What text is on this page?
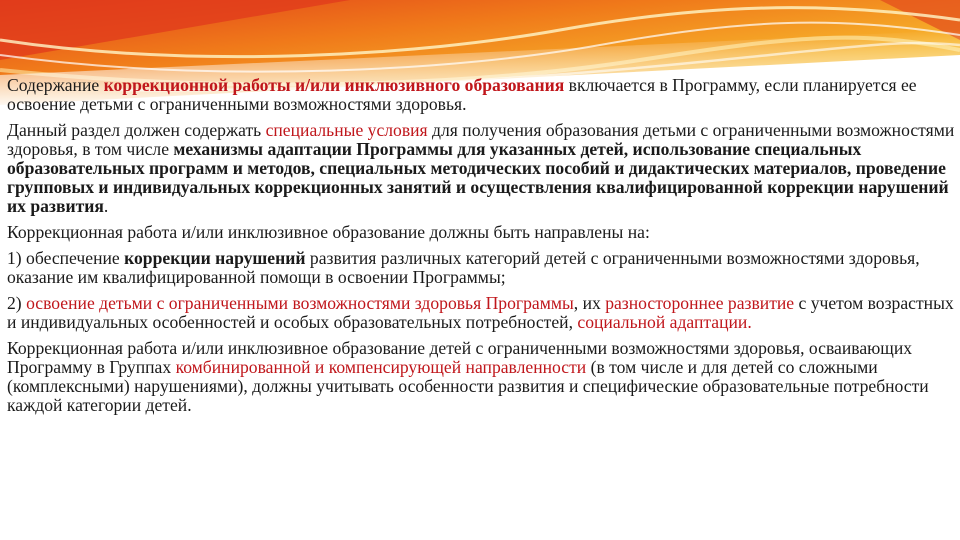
Содержание коррекционной работы и/или инклюзивного образования включается в Программу, если планируется ее освоение детьми с ограниченными возможностями здоровья.

Данный раздел должен содержать специальные условия для получения образования детьми с ограниченными возможностями здоровья, в том числе механизмы адаптации Программы для указанных детей, использование специальных образовательных программ и методов, специальных методических пособий и дидактических материалов, проведение групповых и индивидуальных коррекционных занятий и осуществления квалифицированной коррекции нарушений их развития.

Коррекционная работа и/или инклюзивное образование должны быть направлены на:

1) обеспечение коррекции нарушений развития различных категорий детей с ограниченными возможностями здоровья, оказание им квалифицированной помощи в освоении Программы;

2) освоение детьми с ограниченными возможностями здоровья Программы, их разностороннее развитие с учетом возрастных и индивидуальных особенностей и особых образовательных потребностей, социальной адаптации.

Коррекционная работа и/или инклюзивное образование детей с ограниченными возможностями здоровья, осваивающих Программу в Группах комбинированной и компенсирующей направленности (в том числе и для детей со сложными (комплексными) нарушениями), должны учитывать особенности развития и специфические образовательные потребности каждой категории детей.
